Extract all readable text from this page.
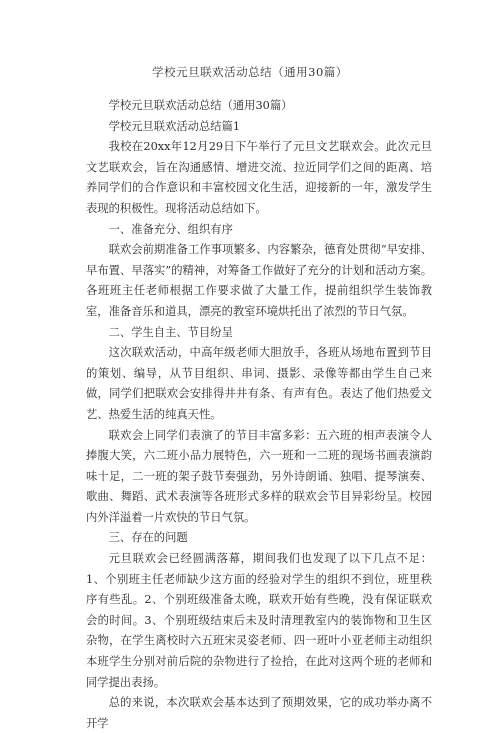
学校元旦联欢活动总结（通用30篇）

学校元旦联欢活动总结（通用30篇）

学校元旦联欢活动总结篇1

我校在20xx年12月29日下午举行了元旦文艺联欢会。此次元旦文艺联欢会，旨在沟通感情、增进交流、拉近同学们之间的距离、培养同学们的合作意识和丰富校园文化生活，迎接新的一年，激发学生表现的积极性。现将活动总结如下。

一、准备充分、组织有序

联欢会前期准备工作事项繁多、内容繁杂，德育处贯彻“早安排、早布置、早落实”的精神，对筹备工作做好了充分的计划和活动方案。各班班主任老师根据工作要求做了大量工作，提前组织学生装饰教室，准备音乐和道具，漂亮的教室环境烘托出了浓烈的节日气氛。

二、学生自主、节目纷呈

这次联欢活动，中高年级老师大胆放手，各班从场地布置到节目的策划、编导，从节目组织、串词、摄影、录像等都由学生自己来做，同学们把联欢会安排得井井有条、有声有色。表达了他们热爱文艺、热爱生活的纯真天性。

联欢会上同学们表演了的节目丰富多彩：五六班的相声表演令人捧腹大笑，六二班小品力展特色，六一班和一二班的现场书画表演韵味十足，二一班的架子鼓节奏强劲，另外诗朗诵、独唱、提琴演奏、歌曲、舞蹈、武术表演等各班形式多样的联欢会节目异彩纷呈。校园内外洋溢着一片欢快的节日气氛。

三、存在的问题

元旦联欢会已经圆满落幕，期间我们也发现了以下几点不足：1、个别班主任老师缺少这方面的经验对学生的组织不到位，班里秩序有些乱。2、个别班级准备太晚，联欢开始有些晚，没有保证联欢会的时间。3、个别班级结束后未及时清理教室内的装饰物和卫生区杂物，在学生离校时六五班宋灵姿老师、四一班叶小亚老师主动组织本班学生分别对前后院的杂物进行了捡拾，在此对这两个班的老师和同学提出表扬。

总的来说，本次联欢会基本达到了预期效果，它的成功举办离不开学
